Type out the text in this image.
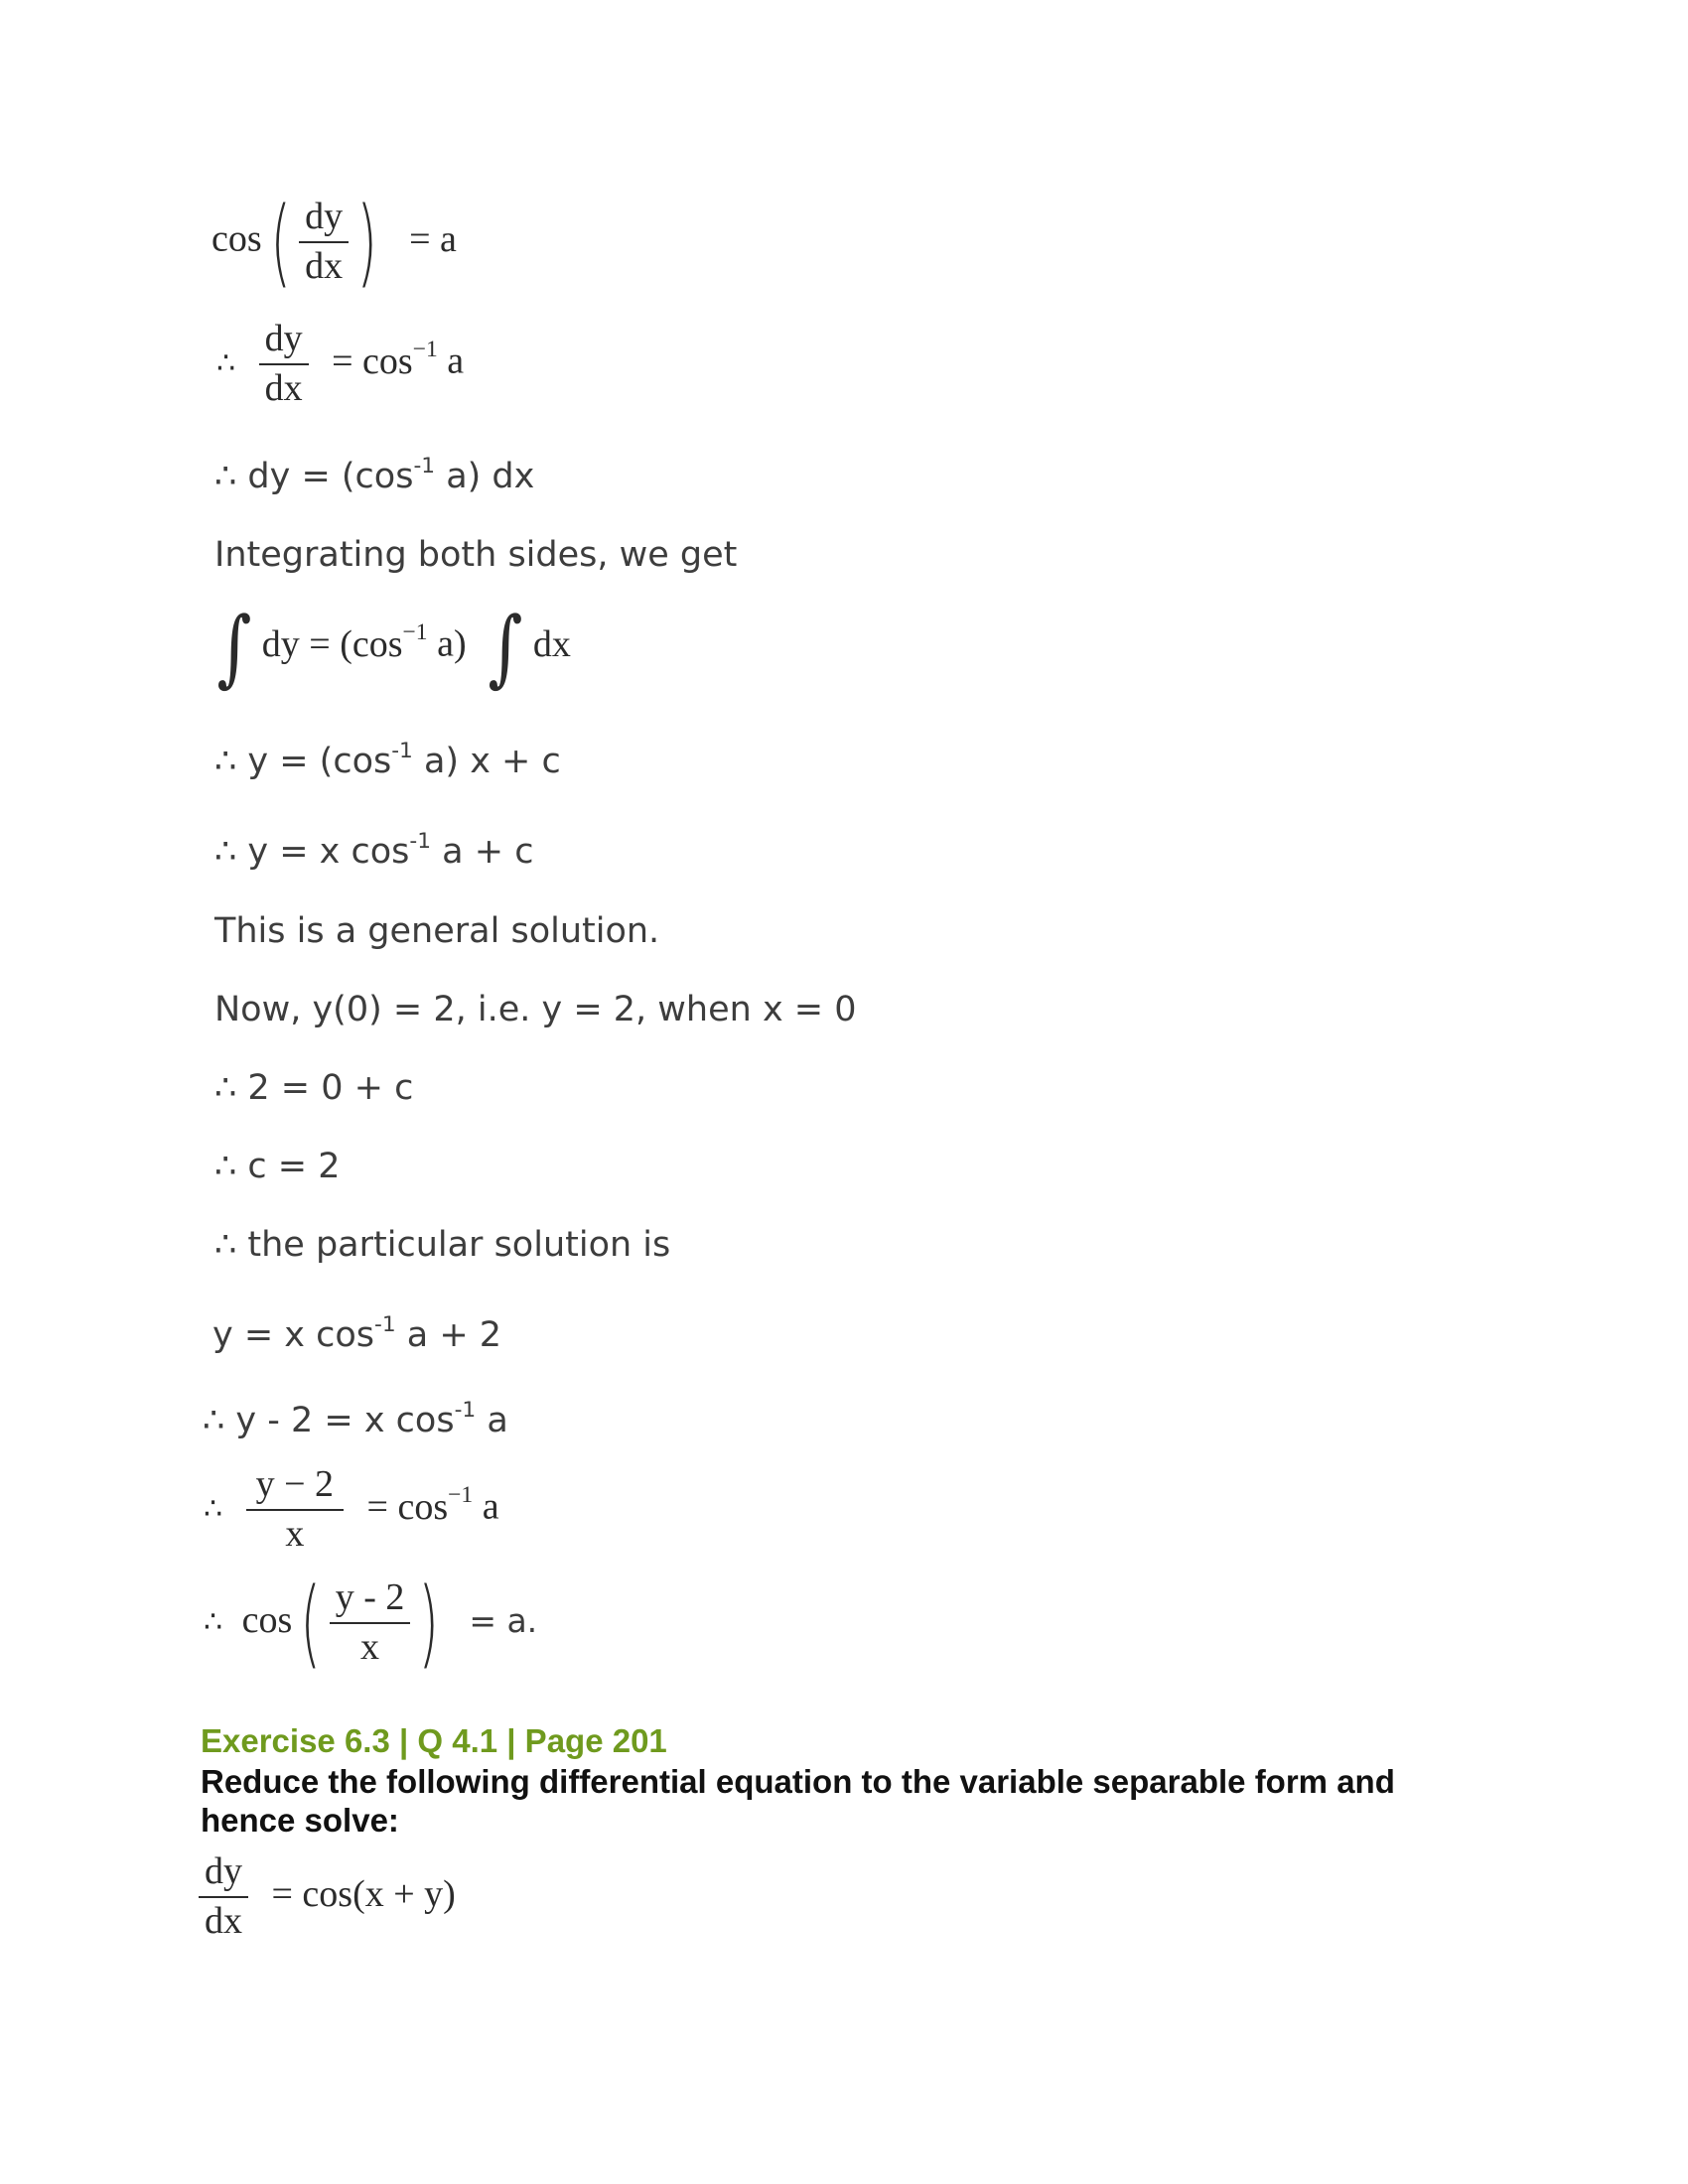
$\cos( \frac{dy}{dx}$ ) = a
∴ $\frac{dy}{dx} = \cos^{-1} a$
∴ dy = ($\cos^{-1}$ a) dx
Integrating both sides, we get
∫ dy = ($\cos^{-1}$ a) ∫ dx
∴ $y = (\cos^{-1}$ a) x + c
∴ y = x $\cos^{-1} a + c$
This is a general solution.
Now, y(0) = 2, i.e. y = 2, when x = 0
∴ 2 = 0 + c
∴ c = 2
∴ the particular solution is
y = x $\cos^{-1} a + 2$
∴ y - 2 = x $\cos^{-1} a$
∴ $\frac{y - 2}{x} = \cos^{-1} a$
∴ $\cos( \frac{y - 2}{x}$ ) = a.
Exercise 6.3 | Q 4.1 | Page 201
Reduce the following differential equation to the variable separable form and hence solve:
$\frac{dy}{dx} = \cos(x + y)$
